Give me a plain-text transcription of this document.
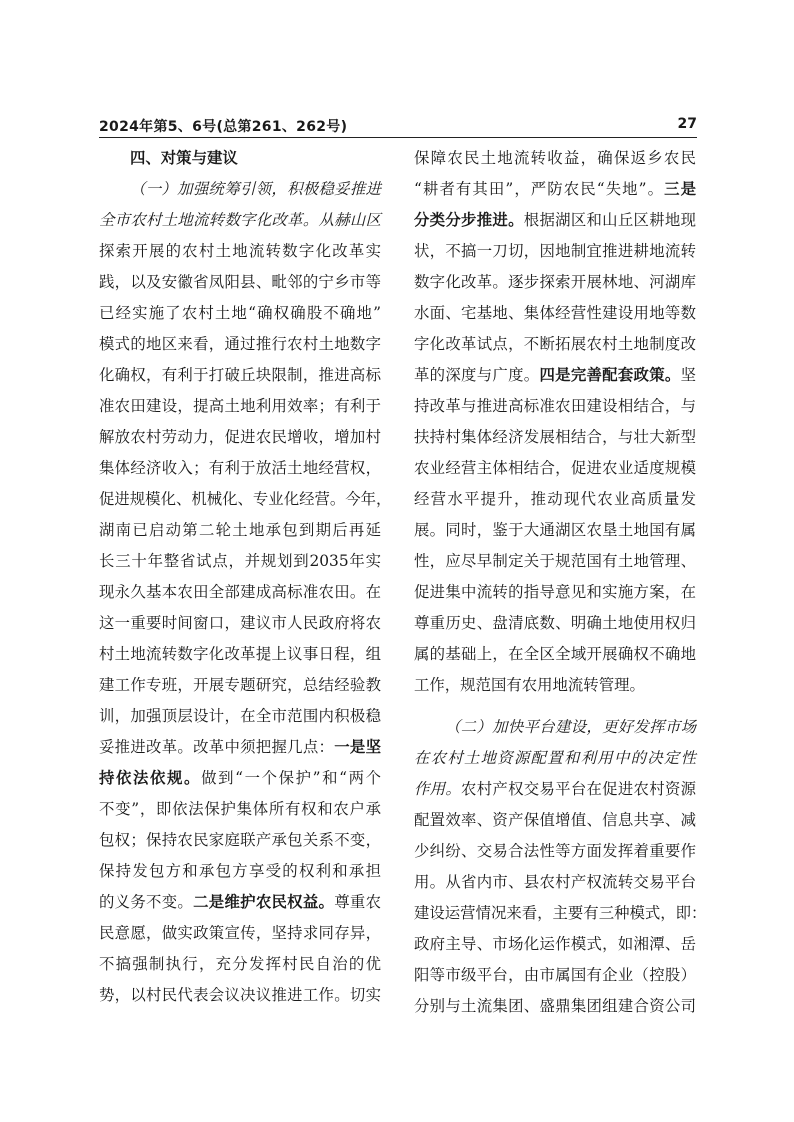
2024年第5、6号(总第261、262号)	27
四、对策与建议
（一）加强统筹引领，积极稳妥推进
全市农村土地流转数字化改革。从赫山区
探索开展的农村土地流转数字化改革实
践，以及安徽省凤阳县、毗邻的宁乡市等
已经实施了农村土地“确权确股不确地”
模式的地区来看，通过推行农村土地数字
化确权，有利于打破丘块限制，推进高标
准农田建设，提高土地利用效率；有利于
解放农村劳动力，促进农民增收，增加村
集体经济收入；有利于放活土地经营权，
促进规模化、机械化、专业化经营。今年，
湖南已启动第二轮土地承包到期后再延
长三十年整省试点，并规划到2035年实
现永久基本农田全部建成高标准农田。在
这一重要时间窗口，建议市人民政府将农
村土地流转数字化改革提上议事日程，组
建工作专班，开展专题研究，总结经验教
训，加强顶层设计，在全市范围内积极稳
妥推进改革。改革中须把握几点：一是坚
持依法依规。做到“一个保护”和“两个
不变”，即依法保护集体所有权和农户承
包权；保持农民家庭联产承包关系不变，
保持发包方和承包方享受的权利和承担
的义务不变。二是维护农民权益。尊重农
民意愿，做实政策宣传，坚持求同存异，
不搞强制执行，充分发挥村民自治的优
势，以村民代表会议决议推进工作。切实
保障农民土地流转收益，确保返乡农民
“耕者有其田”，严防农民“失地”。三是
分类分步推进。根据湖区和山丘区耕地现
状，不搞一刀切，因地制宜推进耕地流转
数字化改革。逐步探索开展林地、河湖库
水面、宅基地、集体经营性建设用地等数
字化改革试点，不断拓展农村土地制度改
革的深度与广度。四是完善配套政策。坚
持改革与推进高标准农田建设相结合，与
扶持村集体经济发展相结合，与壮大新型
农业经营主体相结合，促进农业适度规模
经营水平提升，推动现代农业高质量发
展。同时，鉴于大通湖区农垦土地国有属
性，应尽早制定关于规范国有土地管理、
促进集中流转的指导意见和实施方案，在
尊重历史、盘清底数、明确土地使用权归
属的基础上，在全区全域开展确权不确地
工作，规范国有农用地流转管理。
（二）加快平台建设，更好发挥市场
在农村土地资源配置和利用中的决定性
作用。农村产权交易平台在促进农村资源
配置效率、资产保值增值、信息共享、减
少纠纷、交易合法性等方面发挥着重要作
用。从省内市、县农村产权流转交易平台
建设运营情况来看，主要有三种模式，即：
政府主导、市场化运作模式，如湘潭、岳
阳等市级平台，由市属国有企业（控股）
分别与土流集团、盛鼎集团组建合资公司
